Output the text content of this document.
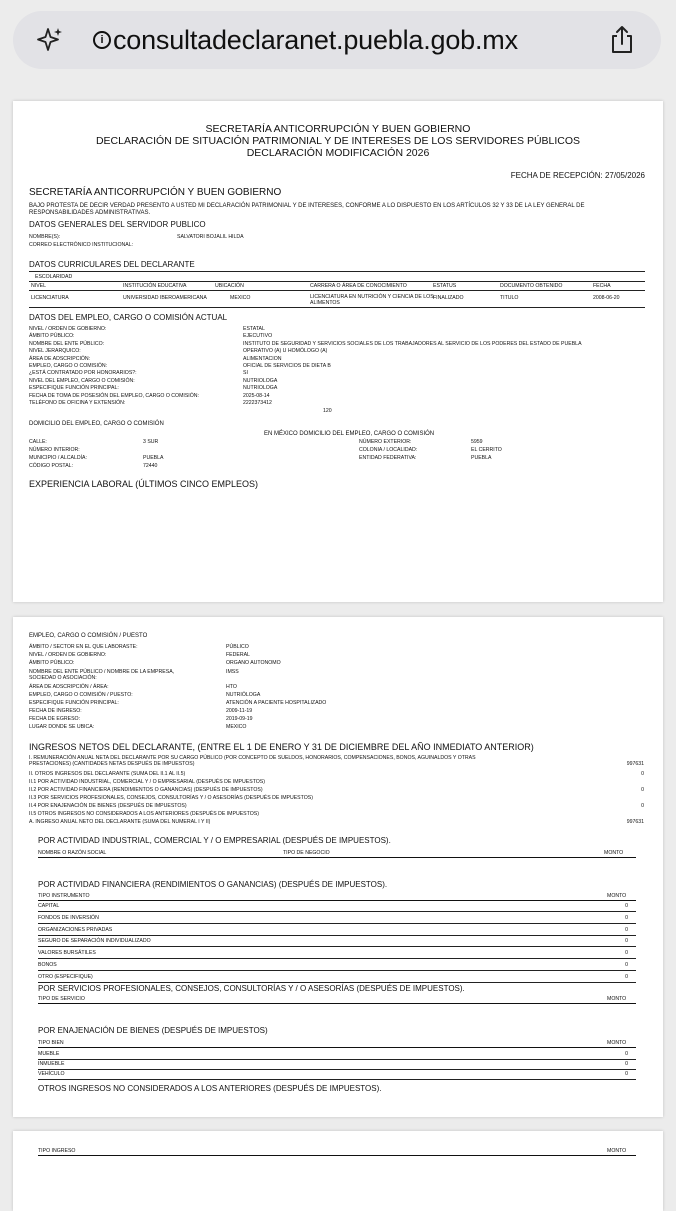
i consultadeclaranet.puebla.gob.mx
SECRETARÍA ANTICORRUPCIÓN Y BUEN GOBIERNO
DECLARACIÓN DE SITUACIÓN PATRIMONIAL Y DE INTERESES DE LOS SERVIDORES PÚBLICOS
DECLARACIÓN MODIFICACIÓN 2026
FECHA DE RECEPCIÓN: 27/05/2026
SECRETARÍA ANTICORRUPCIÓN Y BUEN GOBIERNO
BAJO PROTESTA DE DECIR VERDAD PRESENTO A USTED MI DECLARACIÓN PATRIMONIAL Y DE INTERESES, CONFORME A LO DISPUESTO EN LOS ARTÍCULOS 32 Y 33 DE LA LEY GENERAL DE
RESPONSABILIDADES ADMINISTRATIVAS.
DATOS GENERALES DEL SERVIDOR PUBLICO
NOMBRE(S):	SALVATORI BOJALIL HILDA
CORREO ELECTRÓNICO INSTITUCIONAL:
DATOS CURRICULARES DEL DECLARANTE
ESCOLARIDAD
NIVEL	INSTITUCIÓN EDUCATIVA	UBICACIÓN	CARRERA O ÁREA DE CONOCIMIENTO	ESTATUS	DOCUMENTO OBTENIDO	FECHA
LICENCIATURA	UNIVERSIDAD IBEROAMERICANA	MEXICO	LICENCIATURA EN NUTRICIÓN Y CIENCIA DE LOS
ALIMENTOS
FINALIZADO	TITULO	2008-06-20
DATOS DEL EMPLEO, CARGO O COMISIÓN ACTUAL
NIVEL / ORDEN DE GOBIERNO:	ESTATAL
ÁMBITO PÚBLICO:	EJECUTIVO
NOMBRE DEL ENTE PÚBLICO:	INSTITUTO DE SEGURIDAD Y SERVICIOS SOCIALES DE LOS TRABAJADORES AL SERVICIO DE LOS PODERES DEL ESTADO DE PUEBLA
NIVEL JERARQUICO:	OPERATIVO (A) U HOMÓLOGO (A)
ÁREA DE ADSCRIPCIÓN:	ALIMENTACION
EMPLEO, CARGO O COMISIÓN:	OFICIAL DE SERVICIOS DE DIETA B
¿ESTÁ CONTRATADO POR HONORARIOS?:	SI
NIVEL DEL EMPLEO, CARGO O COMISIÓN:	NUTRIOLOGA
ESPECIFIQUE FUNCIÓN PRINCIPAL:	NUTRIOLOGA
FECHA DE TOMA DE POSESIÓN DEL EMPLEO, CARGO O COMISIÓN:	2025-08-14
TELÉFONO DE OFICINA Y EXTENSIÓN:	2222373412
120
DOMICILIO DEL EMPLEO, CARGO O COMISIÓN
EN MÉXICO DOMICILIO DEL EMPLEO, CARGO O COMISIÓN
CALLE:	3 SUR
NÚMERO INTERIOR:
MUNICIPIO / ALCALDÍA:	PUEBLA
CÓDIGO POSTAL:	72440
NÚMERO EXTERIOR:	5959
COLONIA / LOCALIDAD:	EL CERRITO
ENTIDAD FEDERATIVA:	PUEBLA
EXPERIENCIA LABORAL (ÚLTIMOS CINCO EMPLEOS)
EMPLEO, CARGO O COMISIÓN / PUESTO
ÁMBITO / SECTOR EN EL QUE LABORASTE:	PÚBLICO
NIVEL / ORDEN DE GOBIERNO:	FEDERAL
ÁMBITO PÚBLICO:	ORGANO AUTONOMO
NOMBRE DEL ENTE PÚBLICO / NOMBRE DE LA EMPRESA,	IMSS
SOCIEDAD O ASOCIACIÓN:
ÁREA DE ADSCRIPCIÓN / ÁREA:	HTO
EMPLEO, CARGO O COMISIÓN / PUESTO:	NUTRIÓLOGA
ESPECIFIQUE FUNCIÓN PRINCIPAL:	ATENCIÓN A PACIENTE HOSPITALIZADO
FECHA DE INGRESO:	2009-11-19
FECHA DE EGRESO:	2019-09-19
LUGAR DONDE SE UBICA:	MEXICO
INGRESOS NETOS DEL DECLARANTE, (ENTRE EL 1 DE ENERO Y 31 DE DICIEMBRE DEL AÑO INMEDIATO ANTERIOR)
I. REMUNERACIÓN ANUAL NETA DEL DECLARANTE POR SU CARGO PÚBLICO (POR CONCEPTO DE SUELDOS, HONORARIOS, COMPENSACIONES, BONOS, AGUINALDOS Y OTRAS
PRESTACIONES) (CANTIDADES NETAS DESPUÉS DE IMPUESTOS)	997631
II. OTROS INGRESOS DEL DECLARANTE (SUMA DEL II.1 AL II.5)	0
II.1 POR ACTIVIDAD INDUSTRIAL, COMERCIAL Y / O EMPRESARIAL (DESPUÉS DE IMPUESTOS)
II.2 POR ACTIVIDAD FINANCIERA (RENDIMIENTOS O GANANCIAS) (DESPUÉS DE IMPUESTOS)	0
II.3 POR SERVICIOS PROFESIONALES, CONSEJOS, CONSULTORÍAS Y / O ASESORÍAS (DESPUÉS DE IMPUESTOS)
II.4 POR ENAJENACIÓN DE BIENES (DESPUÉS DE IMPUESTOS)	0
II.5 OTROS INGRESOS NO CONSIDERADOS A LOS ANTERIORES (DESPUÉS DE IMPUESTOS)
A. INGRESO ANUAL NETO DEL DECLARANTE (SUMA DEL NUMERAL I Y II)	997631
POR ACTIVIDAD INDUSTRIAL, COMERCIAL Y / O EMPRESARIAL (DESPUÉS DE IMPUESTOS).
NOMBRE O RAZÓN SOCIAL	TIPO DE NEGOCIO	MONTO
POR ACTIVIDAD FINANCIERA (RENDIMIENTOS O GANANCIAS) (DESPUÉS DE IMPUESTOS).
TIPO INSTRUMENTO	MONTO
CAPITAL	0
FONDOS DE INVERSIÓN	0
ORGANIZACIONES PRIVADAS	0
SEGURO DE SEPARACIÓN INDIVIDUALIZADO	0
VALORES BURSÁTILES	0
BONOS	0
OTRO (ESPECIFIQUE)	0
POR SERVICIOS PROFESIONALES, CONSEJOS, CONSULTORÍAS Y / O ASESORÍAS (DESPUÉS DE IMPUESTOS).
TIPO DE SERVICIO	MONTO
POR ENAJENACIÓN DE BIENES (DESPUÉS DE IMPUESTOS)
TIPO BIEN	MONTO
MUEBLE	0
INMUEBLE	0
VEHÍCULO	0
OTROS INGRESOS NO CONSIDERADOS A LOS ANTERIORES (DESPUÉS DE IMPUESTOS).
TIPO INGRESO	MONTO
